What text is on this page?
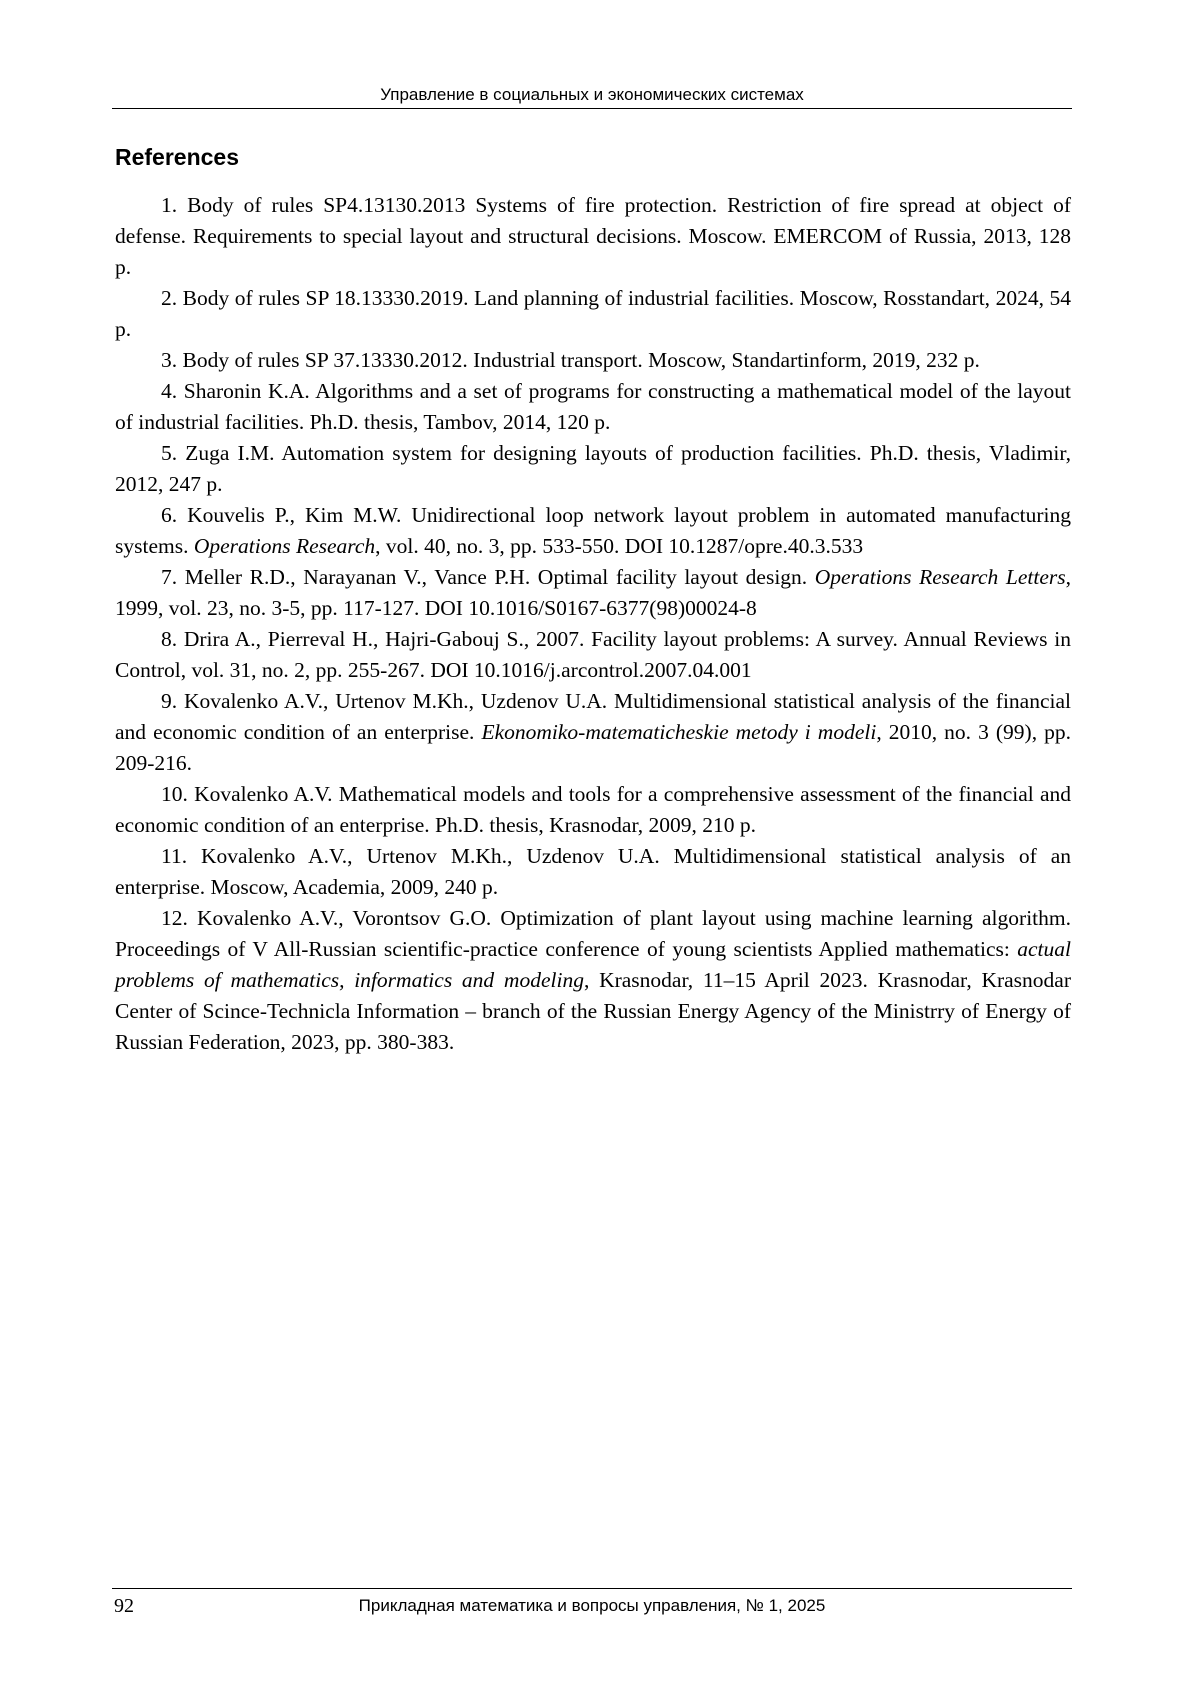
Управление в социальных и экономических системах
References
1. Body of rules SP4.13130.2013 Systems of fire protection. Restriction of fire spread at ob­ject of defense. Requirements to special layout and structural decisions. Moscow. EMERCOM of Russia, 2013, 128 p.
2. Body of rules SP 18.13330.2019. Land planning of industrial facilities. Moscow, Rosstandart, 2024, 54 p.
3. Body of rules SP 37.13330.2012. Industrial transport. Moscow, Standartinform, 2019, 232 p.
4. Sharonin K.A. Algorithms and a set of programs for constructing a mathematical model of the layout of industrial facilities. Ph.D. thesis, Tambov, 2014, 120 p.
5. Zuga I.M. Automation system for designing layouts of production facilities. Ph.D. thesis, Vladimir, 2012, 247 p.
6. Kouvelis P., Kim M.W. Unidirectional loop network layout problem in automated manu­facturing systems. Operations Research, vol. 40, no. 3, pp. 533-550. DOI 10.1287/opre.40.3.533
7. Meller R.D., Narayanan V., Vance P.H. Optimal facility layout design. Operations Re­search Letters, 1999, vol. 23, no. 3-5, pp. 117-127. DOI 10.1016/S0167-6377(98)00024-8
8. Drira A., Pierreval H., Hajri-Gabouj S., 2007. Facility layout problems: A survey. Annual Reviews in Control, vol. 31, no. 2, pp. 255-267. DOI 10.1016/j.arcontrol.2007.04.001
9. Kovalenko A.V., Urtenov M.Kh., Uzdenov U.A. Multidimensional statistical analysis of the financial and economic condition of an enterprise. Ekonomiko-matematicheskie metody i modeli, 2010, no. 3 (99), pp. 209-216.
10. Kovalenko A.V. Mathematical models and tools for a comprehensive assessment of the financial and economic condition of an enterprise. Ph.D. thesis, Krasnodar, 2009, 210 p.
11. Kovalenko A.V., Urtenov M.Kh., Uzdenov U.A. Multidimensional statistical analysis of an enterprise. Moscow, Academia, 2009, 240 p.
12. Kovalenko A.V., Vorontsov G.O. Optimization of plant layout using machine learning al­gorithm. Proceedings of V All-Russian scientific-practice conference of young scientists Applied mathematics: actual problems of mathematics, informatics and modeling, Krasnodar, 11–15 April 2023. Krasnodar, Krasnodar Center of Scince-Technicla Information – branch of the Russian En­ergy Agency of the Ministrry of Energy of Russian Federation, 2023, pp. 380-383.
92	Прикладная математика и вопросы управления, № 1, 2025
